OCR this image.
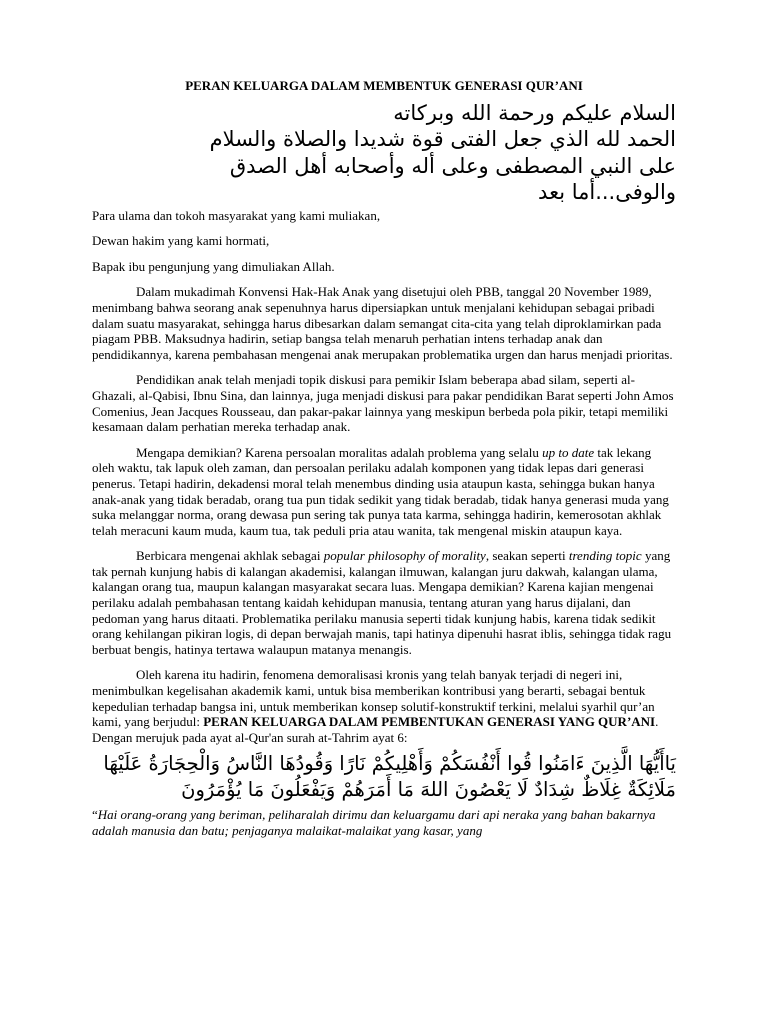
PERAN KELUARGA DALAM MEMBENTUK GENERASI QUR’ANI

السلام عليكم ورحمة الله وبركاته
الحمد لله الذي جعل الفتى قوة شديدا والصلاة والسلام
على النبي المصطفى وعلى أله وأصحابه أهل الصدق
والوفى...أما بعد

Para ulama dan tokoh masyarakat yang kami muliakan,

Dewan hakim yang kami hormati,

Bapak ibu pengunjung yang dimuliakan Allah.

Dalam mukadimah Konvensi Hak-Hak Anak yang disetujui oleh PBB, tanggal 20 November 1989, menimbang bahwa seorang anak sepenuhnya harus dipersiapkan untuk menjalani kehidupan sebagai pribadi dalam suatu masyarakat, sehingga harus dibesarkan dalam semangat cita-cita yang telah diproklamirkan pada piagam PBB. Maksudnya hadirin, setiap bangsa telah menaruh perhatian intens terhadap anak dan pendidikannya, karena pembahasan mengenai anak merupakan problematika urgen dan harus menjadi prioritas.

Pendidikan anak telah menjadi topik diskusi para pemikir Islam beberapa abad silam, seperti al-Ghazali, al-Qabisi, Ibnu Sina, dan lainnya, juga menjadi diskusi para pakar pendidikan Barat seperti John Amos Comenius, Jean Jacques Rousseau, dan pakar-pakar lainnya yang meskipun berbeda pola pikir, tetapi memiliki kesamaan dalam perhatian mereka terhadap anak.

Mengapa demikian? Karena persoalan moralitas adalah problema yang selalu up to date tak lekang oleh waktu, tak lapuk oleh zaman, dan persoalan perilaku adalah komponen yang tidak lepas dari generasi penerus. Tetapi hadirin, dekadensi moral telah menembus dinding usia ataupun kasta, sehingga bukan hanya anak-anak yang tidak beradab, orang tua pun tidak sedikit yang tidak beradab, tidak hanya generasi muda yang suka melanggar norma, orang dewasa pun sering tak punya tata karma, sehingga hadirin, kemerosotan akhlak telah meracuni kaum muda, kaum tua, tak peduli pria atau wanita, tak mengenal miskin ataupun kaya.

Berbicara mengenai akhlak sebagai popular philosophy of morality, seakan seperti trending topic yang tak pernah kunjung habis di kalangan akademisi, kalangan ilmuwan, kalangan juru dakwah, kalangan ulama, kalangan orang tua, maupun kalangan masyarakat secara luas. Mengapa demikian? Karena kajian mengenai perilaku adalah pembahasan tentang kaidah kehidupan manusia, tentang aturan yang harus dijalani, dan pedoman yang harus ditaati. Problematika perilaku manusia seperti tidak kunjung habis, karena tidak sedikit orang kehilangan pikiran logis, di depan berwajah manis, tapi hatinya dipenuhi hasrat iblis, sehingga tidak ragu berbuat bengis, hatinya tertawa walaupun matanya menangis.

Oleh karena itu hadirin, fenomena demoralisasi kronis yang telah banyak terjadi di negeri ini, menimbulkan kegelisahan akademik kami, untuk bisa memberikan kontribusi yang berarti, sebagai bentuk kepedulian terhadap bangsa ini, untuk memberikan konsep solutif-konstruktif terkini, melalui syarhil qur’an kami, yang berjudul: PERAN KELUARGA DALAM PEMBENTUKAN GENERASI YANG QUR’ANI. Dengan merujuk pada ayat al-Qur'an surah at-Tahrim ayat 6:

يَاأَيُّهَا الَّذِينَ ءَامَنُوا قُوا أَنْفُسَكُمْ وَأَهْلِيكُمْ نَارًا وَقُودُهَا النَّاسُ وَالْحِجَارَةُ عَلَيْهَا مَلَائِكَةٌ غِلَاظٌ شِدَادٌ لَا يَعْصُونَ اللهَ مَا أَمَرَهُمْ وَيَفْعَلُونَ مَا يُؤْمَرُونَ

“Hai orang-orang yang beriman, peliharalah dirimu dan keluargamu dari api neraka yang bahan bakarnya adalah manusia dan batu; penjaganya malaikat-malaikat yang kasar, yang
